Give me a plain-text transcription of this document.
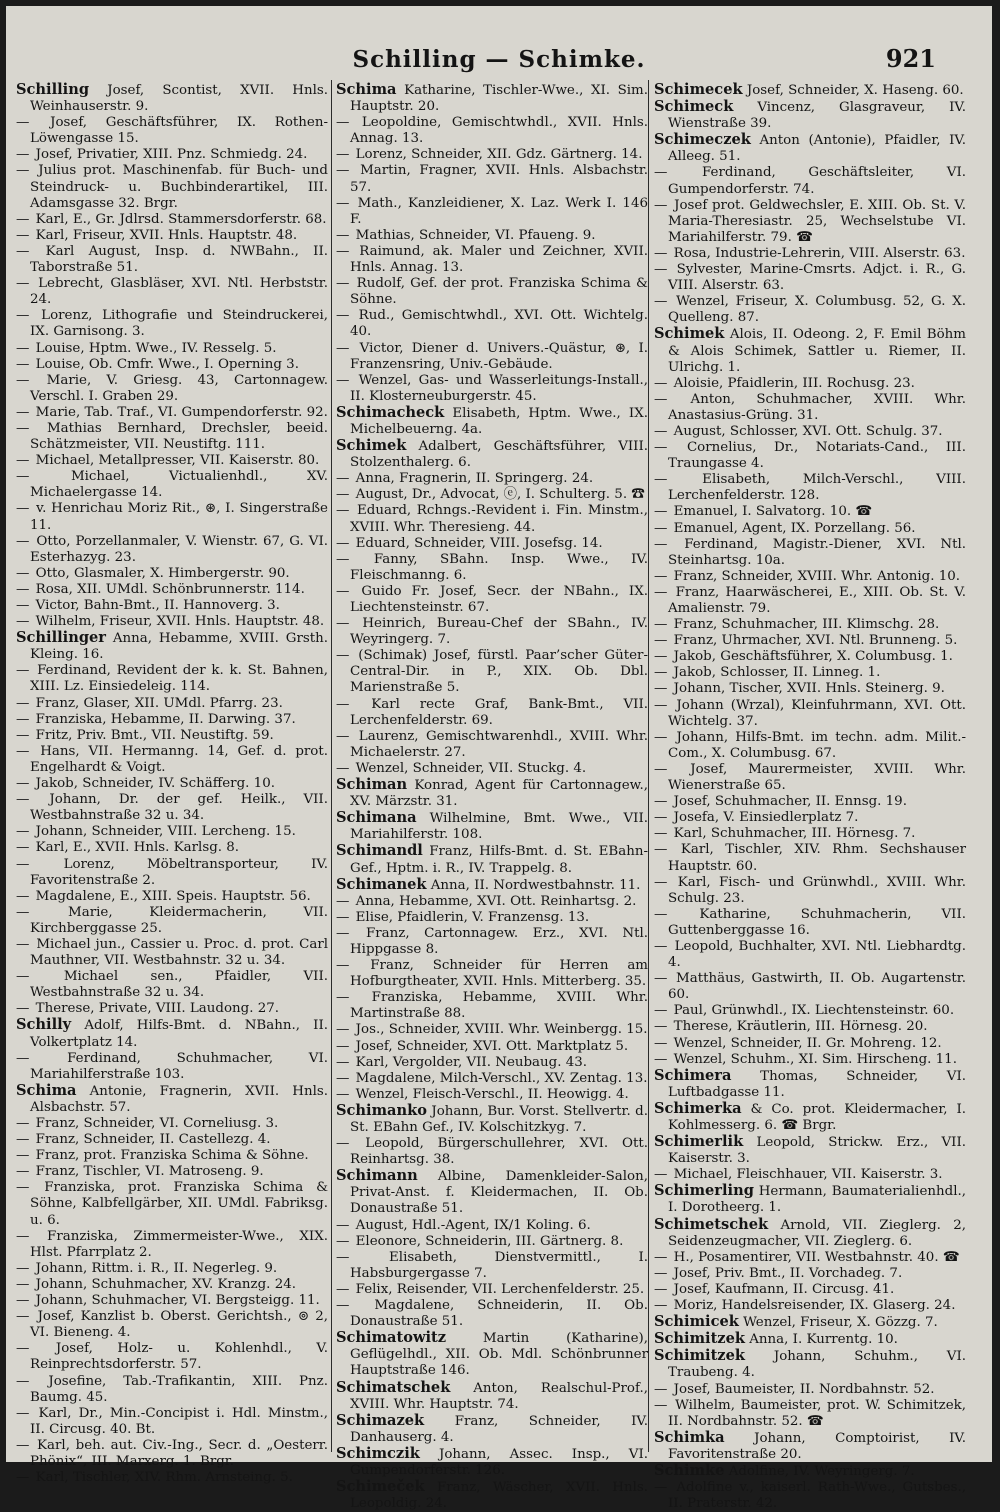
Schilling — Schimke.	921

Schilling Josef, Scontist, XVII. Hnls. Weinhauserstr. 9.

— Josef, Geschäftsführer, IX. Rothen-Löwengasse 15.

— Josef, Privatier, XIII. Pnz. Schmiedg. 24.

— Julius prot. Maschinenfab. für Buch- und Steindruck- u. Buchbinderartikel, III. Adamsgasse 32. Brgr.

— Karl, E., Gr. Jdlrsd. Stammersdorferstr. 68.

— Karl, Friseur, XVII. Hnls. Hauptstr. 48.

— Karl August, Insp. d. NWBahn., II. Taborstraße 51.

— Lebrecht, Glasbläser, XVI. Ntl. Herbststr. 24.

— Lorenz, Lithografie und Steindruckerei, IX. Garnisong. 3.

— Louise, Hptm. Wwe., IV. Resselg. 5.

— Louise, Ob. Cmfr. Wwe., I. Operning 3.

— Marie, V. Griesg. 43, Cartonnagew. Verschl. I. Graben 29.

— Marie, Tab. Traf., VI. Gumpendorferstr. 92.

— Mathias Bernhard, Drechsler, beeid. Schätzmeister, VII. Neustiftg. 111.

— Michael, Metallpresser, VII. Kaiserstr. 80.

—	Michael, Victualienhdl., XV. Michaelergasse 14.

— v. Henrichau Moriz Rit., ⊛, I. Singerstraße 11.

— Otto, Porzellanmaler, V. Wienstr. 67, G. VI. Esterhazyg. 23.

— Otto, Glasmaler, X. Himbergerstr. 90.

— Rosa, XII. UMdl. Schönbrunnerstr. 114.

— Victor, Bahn-Bmt., II. Hannoverg. 3.

— Wilhelm, Friseur, XVII. Hnls. Hauptstr. 48.

Schillinger Anna, Hebamme, XVIII. Grsth. Kleing. 16.

— Ferdinand, Revident der k. k. St. Bahnen, XIII. Lz. Einsiedeleig. 114.

— Franz, Glaser, XII. UMdl. Pfarrg. 23.

— Franziska, Hebamme, II. Darwing. 37.

— Fritz, Priv. Bmt., VII. Neustiftg. 59.

— Hans, VII. Hermanng. 14, Gef. d. prot. Engelhardt & Voigt.

— Jakob, Schneider, IV. Schäfferg. 10.

— Johann, Dr. der gef. Heilk., VII. Westbahnstraße 32 u. 34.

— Johann, Schneider, VIII. Lercheng. 15.

— Karl, E., XVII. Hnls. Karlsg. 8.

—	Lorenz, Möbeltransporteur, IV. Favoritenstraße 2.

— Magdalene, E., XIII. Speis. Hauptstr. 56.

—	Marie, Kleidermacherin, VII. Kirchberggasse 25.

— Michael jun., Cassier u. Proc. d. prot. Carl Mauthner, VII. Westbahnstr. 32 u. 34.

—	Michael sen., Pfaidler, VII. Westbahnstraße 32 u. 34.

— Therese, Private, VIII. Laudong. 27.

Schilly Adolf, Hilfs-Bmt. d. NBahn., II. Volkertplatz 14.

—	Ferdinand, Schuhmacher, VI. Mariahilferstraße 103.

Schima Antonie, Fragnerin, XVII. Hnls. Alsbachstr. 57.

— Franz, Schneider, VI. Corneliusg. 3.

— Franz, Schneider, II. Castellezg. 4.

— Franz, prot. Franziska Schima & Söhne.

— Franz, Tischler, VI. Matroseng. 9.

— Franziska, prot. Franziska Schima & Söhne, Kalbfellgärber, XII. UMdl. Fabriksg. u. 6.

— Franziska, Zimmermeister-Wwe., XIX. Hlst. Pfarrplatz 2.

— Johann, Rittm. i. R., II. Negerleg. 9.

— Johann, Schuhmacher, XV. Kranzg. 24.

— Johann, Schuhmacher, VI. Bergsteigg. 11.

— Josef, Kanzlist b. Oberst. Gerichtsh., ⊚ 2, VI. Bieneng. 4.

— Josef, Holz- u. Kohlenhdl., V. Reinprechtsdorferstr. 57.

— Josefine, Tab.-Trafikantin, XIII. Pnz. Baumg. 45.

— Karl, Dr., Min.-Concipist i. Hdl. Minstm., II. Circusg. 40. Bt.

— Karl, beh. aut. Civ.-Ing., Secr. d. „Oesterr. Phönix“, III. Marxerg. 1. Brgr.

— Karl, Tischler, XIV. Rhm. Arnsteing. 5.

Schima Katharine, Tischler-Wwe., XI. Sim. Hauptstr. 20.

— Leopoldine, Gemischtwhdl., XVII. Hnls. Annag. 13.

— Lorenz, Schneider, XII. Gdz. Gärtnerg. 14.

— Martin, Fragner, XVII. Hnls. Alsbachstr. 57.

— Math., Kanzleidiener, X. Laz. Werk I. 146 F.

— Mathias, Schneider, VI. Pfaueng. 9.

— Raimund, ak. Maler und Zeichner, XVII. Hnls. Annag. 13.

— Rudolf, Gef. der prot. Franziska Schima & Söhne.

— Rud., Gemischtwhdl., XVI. Ott. Wichtelg. 40.

— Victor, Diener d. Univers.-Quästur, ⊛, I. Franzensring, Univ.-Gebäude.

— Wenzel, Gas- und Wasserleitungs-Install., II. Klosterneuburgerstr. 45.

Schimacheck Elisabeth, Hptm. Wwe., IX. Michelbeuerng. 4a.

Schimek Adalbert, Geschäftsführer, VIII. Stolzenthalerg. 6.

— Anna, Fragnerin, II. Springerg. 24.

— August, Dr., Advocat, ⓔ, I. Schulterg. 5. ☎

— Eduard, Rchngs.-Revident i. Fin. Minstm., XVIII. Whr. Theresieng. 44.

— Eduard, Schneider, VIII. Josefsg. 14.

— Fanny, SBahn. Insp. Wwe., IV. Fleischmanng. 6.

— Guido Fr. Josef, Secr. der NBahn., IX. Liechtensteinstr. 67.

— Heinrich, Bureau-Chef der SBahn., IV. Weyringerg. 7.

— (Schimak) Josef, fürstl. Paar’scher Güter-Central-Dir. in P., XIX. Ob. Dbl. Marienstraße 5.

— Karl recte Graf, Bank-Bmt., VII. Lerchenfelderstr. 69.

— Laurenz, Gemischtwarenhdl., XVIII. Whr. Michaelerstr. 27.

— Wenzel, Schneider, VII. Stuckg. 4.

Schiman Konrad, Agent für Cartonnagew., XV. Märzstr. 31.

Schimana Wilhelmine, Bmt. Wwe., VII. Mariahilferstr. 108.

Schimandl Franz, Hilfs-Bmt. d. St. EBahn-Gef., Hptm. i. R., IV. Trappelg. 8.

Schimanek Anna, II. Nordwestbahnstr. 11.

— Anna, Hebamme, XVI. Ott. Reinhartsg. 2.

— Elise, Pfaidlerin, V. Franzensg. 13.

— Franz, Cartonnagew. Erz., XVI. Ntl. Hippgasse 8.

— Franz, Schneider für Herren am Hofburgtheater, XVII. Hnls. Mitterberg. 35.

— Franziska, Hebamme, XVIII. Whr. Martinstraße 88.

— Jos., Schneider, XVIII. Whr. Weinbergg. 15.

— Josef, Schneider, XVI. Ott. Marktplatz 5.

— Karl, Vergolder, VII. Neubaug. 43.

— Magdalene, Milch-Verschl., XV. Zentag. 13.

— Wenzel, Fleisch-Verschl., II. Heowigg. 4.

Schimanko Johann, Bur. Vorst. Stellvertr. d. St. EBahn Gef., IV. Kolschitzkyg. 7.

— Leopold, Bürgerschullehrer, XVI. Ott. Reinhartsg. 38.

Schimann Albine, Damenkleider-Salon, Privat-Anst. f. Kleidermachen, II. Ob. Donaustraße 51.

— August, Hdl.-Agent, IX/1 Koling. 6.

— Eleonore, Schneiderin, III. Gärtnerg. 8.

—	Elisabeth, Dienstvermittl., I. Habsburgergasse 7.

— Felix, Reisender, VII. Lerchenfelderstr. 25.

— Magdalene, Schneiderin, II. Ob. Donaustraße 51.

Schimatowitz	Martin (Katharine), Geflügelhdl., XII. Ob. Mdl. Schönbrunner Hauptstraße 146.

Schimatschek Anton, Realschul-Prof., XVIII. Whr. Hauptstr. 74.

Schimazek Franz, Schneider, IV. Danhauserg. 4.

Schimczik Johann, Assec. Insp., VI. Gumpendorferstr. 126.

Schimeček Franz, Wäscher, XVII. Hnls. Leopoldig. 24.

Schimecek Josef, Schneider, X. Haseng. 60.

Schimeck Vincenz, Glasgraveur, IV. Wienstraße 39.

Schimeczek Anton (Antonie), Pfaidler, IV. Alleeg. 51.

—	Ferdinand, Geschäftsleiter, VI. Gumpendorferstr. 74.

— Josef prot. Geldwechsler, E. XIII. Ob. St. V. Maria-Theresiastr. 25, Wechselstube VI. Mariahilferstr. 79. ☎

— Rosa, Industrie-Lehrerin, VIII. Alserstr. 63.

— Sylvester, Marine-Cmsrts. Adjct. i. R., G. VIII. Alserstr. 63.

— Wenzel, Friseur, X. Columbusg. 52, G. X. Quelleng. 87.

Schimek Alois, II. Odeong. 2, F. Emil Böhm & Alois Schimek, Sattler u. Riemer, II. Ulrichg. 1.

— Aloisie, Pfaidlerin, III. Rochusg. 23.

— Anton, Schuhmacher, XVIII. Whr. Anastasius-Grüng. 31.

— August, Schlosser, XVI. Ott. Schulg. 37.

— Cornelius, Dr., Notariats-Cand., III. Traungasse 4.

—	Elisabeth, Milch-Verschl., VIII. Lerchenfelderstr. 128.

— Emanuel, I. Salvatorg. 10. ☎

— Emanuel, Agent, IX. Porzellang. 56.

— Ferdinand, Magistr.-Diener, XVI. Ntl. Steinhartsg. 10a.

— Franz, Schneider, XVIII. Whr. Antonig. 10.

— Franz, Haarwäscherei, E., XIII. Ob. St. V. Amalienstr. 79.

— Franz, Schuhmacher, III. Klimschg. 28.

— Franz, Uhrmacher, XVI. Ntl. Brunneng. 5.

— Jakob, Geschäftsführer, X. Columbusg. 1.

— Jakob, Schlosser, II. Linneg. 1.

— Johann, Tischer, XVII. Hnls. Steinerg. 9.

— Johann (Wrzal), Kleinfuhrmann, XVI. Ott. Wichtelg. 37.

— Johann, Hilfs-Bmt. im techn. adm. Milit.-Com., X. Columbusg. 67.

— Josef, Maurermeister, XVIII. Whr. Wienerstraße 65.

— Josef, Schuhmacher, II. Ennsg. 19.

— Josefa, V. Einsiedlerplatz 7.

— Karl, Schuhmacher, III. Hörnesg. 7.

— Karl, Tischler, XIV. Rhm. Sechshauser Hauptstr. 60.

— Karl, Fisch- und Grünwhdl., XVIII. Whr. Schulg. 23.

— Katharine, Schuhmacherin, VII. Guttenberggasse 16.

— Leopold, Buchhalter, XVI. Ntl. Liebhardtg. 4.

— Matthäus, Gastwirth, II. Ob. Augartenstr. 60.

— Paul, Grünwhdl., IX. Liechtensteinstr. 60.

— Therese, Kräutlerin, III. Hörnesg. 20.

— Wenzel, Schneider, II. Gr. Mohreng. 12.

— Wenzel, Schuhm., XI. Sim. Hirscheng. 11.

Schimera Thomas, Schneider, VI. Luftbadgasse 11.

Schimerka & Co. prot. Kleidermacher, I. Kohlmesserg. 6. ☎ Brgr.

Schimerlik Leopold, Strickw. Erz., VII. Kaiserstr. 3.

— Michael, Fleischhauer, VII. Kaiserstr. 3.

Schimerling Hermann, Baumaterialienhdl., I. Dorotheerg. 1.

Schimetschek Arnold, VII. Zieglerg. 2, Seidenzeugmacher, VII. Zieglerg. 6.

— H., Posamentirer, VII. Westbahnstr. 40. ☎

— Josef, Priv. Bmt., II. Vorchadeg. 7.

— Josef, Kaufmann, II. Circusg. 41.

— Moriz, Handelsreisender, IX. Glaserg. 24.

Schimicek Wenzel, Friseur, X. Gözzg. 7.

Schimitzek Anna, I. Kurrentg. 10.

Schimitzek Johann, Schuhm., VI. Traubeng. 4.

— Josef, Baumeister, II. Nordbahnstr. 52.

— Wilhelm, Baumeister, prot. W. Schimitzek, II. Nordbahnstr. 52. ☎

Schimka Johann, Comptoirist, IV. Favoritenstraße 20.

Schimke Adolfine, IV. Weyringerg. 7.

— Adolfine v., kaiserl. Rath-Wwe., Gutsbes., II. Praterstr. 42.
